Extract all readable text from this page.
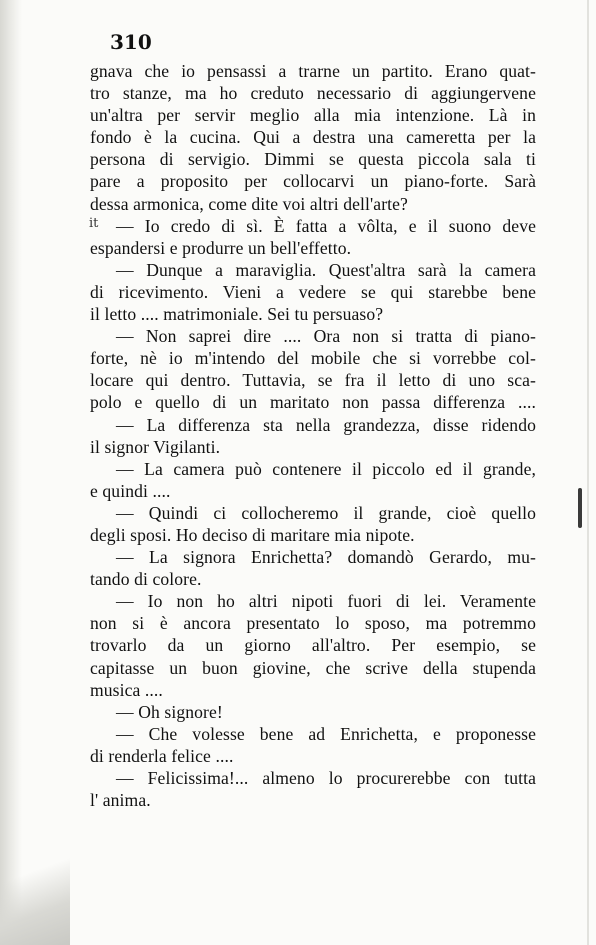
310
it
gnava che io pensassi a trarne un partito. Erano quat-
tro stanze, ma ho creduto necessario di aggiungervene
un'altra per servir meglio alla mia intenzione. Là in
fondo è la cucina. Qui a destra una cameretta per la
persona di servigio. Dimmi se questa piccola sala ti
pare a proposito per collocarvi un piano-forte. Sarà
dessa armonica, come dite voi altri dell'arte?
— Io credo di sì. È fatta a vôlta, e il suono deve
espandersi e produrre un bell'effetto.
— Dunque a maraviglia. Quest'altra sarà la camera
di ricevimento. Vieni a vedere se qui starebbe bene
il letto .... matrimoniale. Sei tu persuaso?
— Non saprei dire .... Ora non si tratta di piano-
forte, nè io m'intendo del mobile che si vorrebbe col-
locare qui dentro. Tuttavia, se fra il letto di uno sca-
polo e quello di un maritato non passa differenza ....
— La differenza sta nella grandezza, disse ridendo
il signor Vigilanti.
— La camera può contenere il piccolo ed il grande,
e quindi ....
— Quindi ci collocheremo il grande, cioè quello
degli sposi. Ho deciso di maritare mia nipote.
— La signora Enrichetta? domandò Gerardo, mu-
tando di colore.
— Io non ho altri nipoti fuori di lei. Veramente
non si è ancora presentato lo sposo, ma potremmo
trovarlo da un giorno all'altro. Per esempio, se
capitasse un buon giovine, che scrive della stupenda
musica ....
— Oh signore!
— Che volesse bene ad Enrichetta, e proponesse
di renderla felice ....
— Felicissima!... almeno lo procurerebbe con tutta
l' anima.
